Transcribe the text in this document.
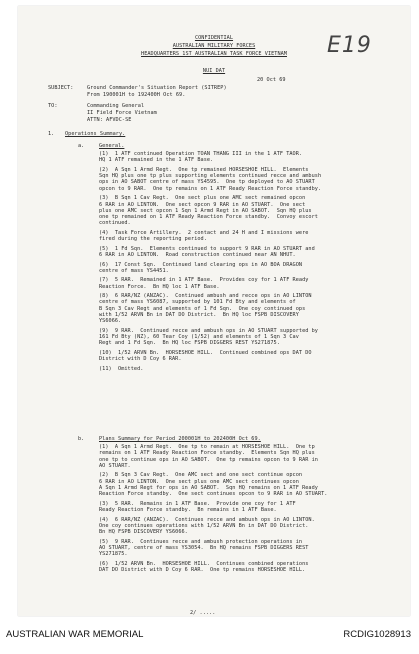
E19
CONFIDENTIAL
AUSTRALIAN MILITARY FORCES
HEADQUARTERS 1ST AUSTRALIAN TASK FORCE VIETNAM
NUI DAT
20 Oct 69
SUBJECT:	Ground Commander's Situation Report (SITREP)
From 190001H to 192400H Oct 69.
TO:	Commanding General
II Field Force Vietnam
ATTN: AFVDC-SE
1. Operations Summary.
a.	General.
(1)  1 ATF continued Operation TOAN THANG III in the 1 ATF TAOR.
HQ 1 ATF remained in the 1 ATF Base.
(2)  A Sqn 1 Armd Regt.  One tp remained HORSESHOE HILL.  Elements
Sqn HQ plus one tp plus supporting elements continued recce and ambush
ops in AO SABOT centre of mass YS4595.  One tp deployed to AO STUART
opcon to 9 RAR.  One tp remains on 1 ATF Ready Reaction Force standby.
(3)  B Sqn 1 Cav Regt.  One sect plus one AMC sect remained opcon
6 RAR in AO LINTON.  One sect opcon 9 RAR in AO STUART.  One sect
plus one AMC sect opcon 1 Sqn 1 Armd Regt in AO SABOT.  Sqn HQ plus
one tp remained on 1 ATF Ready Reaction Force standby.  Convoy escort
continued.
(4)  Task Force Artillery.  2 contact and 24 H and I missions were
fired during the reporting period.
(5)  1 Fd Sqn.  Elements continued to support 9 RAR in AO STUART and
6 RAR in AO LINTON.  Road construction continued near AN NHUT.
(6)  17 Const Sqn.  Continued land clearing ops in AO BOA DRAGON
centre of mass YS4451.
(7)  5 RAR.  Remained in 1 ATF Base.  Provides coy for 1 ATF Ready
Reaction Force.  Bn HQ loc 1 ATF Base.
(8)  6 RAR/NZ (ANZAC).  Continued ambush and recce ops in AO LINTON
centre of mass YS6087, supported by 101 Fd Bty and elements of
B Sqn 3 Cav Regt and elements of 1 Fd Sqn.  One coy continued ops
with 1/52 ARVN Bn in DAT DO District.  Bn HQ loc FSPB DISCOVERY
YS6066.
(9)  9 RAR.  Continued recce and ambush ops in AO STUART supported by
161 Fd Bty (NZ), 60 Tear Coy (1/52) and elements of 1 Sqn 3 Cav
Regt and 1 Fd Sqn.  Bn HQ loc FSPB DIGGERS REST YS271875.
(10)  1/52 ARVN Bn.  HORSESHOE HILL.  Continued combined ops DAT DO
District with D Coy 6 RAR.
(11)  Omitted.
b.	Plans Summary for Period 200001H to 202400H Oct 69.
(1)  A Sqn 1 Armd Regt.  One tp to remain at HORSESHOE HILL.  One tp
remains on 1 ATF Ready Reaction Force standby.  Elements Sqn HQ plus
one tp to continue ops in AO SABOT.  One tp remains opcon to 9 RAR in
AO STUART.
(2)  B Sqn 3 Cav Regt.  One AMC sect and one sect continue opcon
6 RAR in AO LINTON.  One sect plus one AMC sect continues opcon
A Sqn 1 Armd Regt for ops in AO SABOT.  Sqn HQ remains on 1 ATF Ready
Reaction Force standby.  One sect continues opcon to 9 RAR in AO STUART.
(3)  5 RAR.  Remains in 1 ATF Base.  Provide one coy for 1 ATF
Ready Reaction Force standby.  Bn remains in 1 ATF Base.
(4)  6 RAR/NZ (ANZAC).  Continues recce and ambush ops in AO LINTON.
One coy continues operations with 1/52 ARVN Bn in DAT DO District.
Bn HQ FSPB DISCOVERY YS6066.
(5)  9 RAR.  Continues recce and ambush protection operations in
AO STUART, centre of mass YS3054.  Bn HQ remains FSPB DIGGERS REST
YS271875.
(6)  1/52 ARVN Bn.  HORSESHOE HILL.  Continues combined operations
DAT DO District with D Coy 6 RAR.  One tp remains HORSESHOE HILL.
2/ .....
AUSTRALIAN WAR MEMORIAL	RCDIG1028913
